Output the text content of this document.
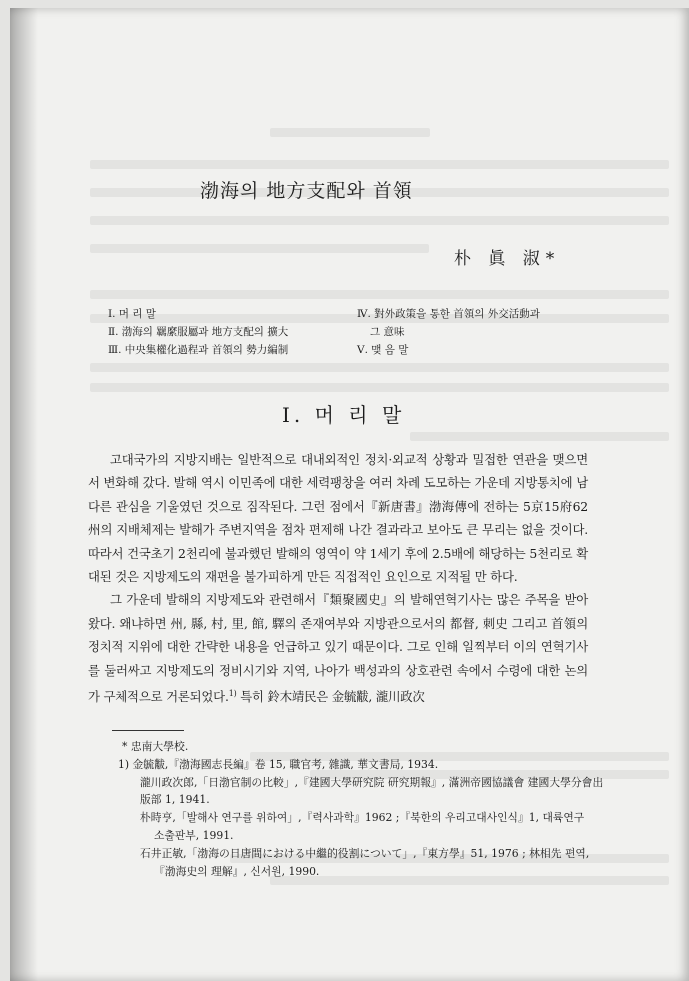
渤海의 地方支配와 首領
朴 眞 淑*
Ⅰ. 머 리 말
Ⅱ. 渤海의 羈縻服屬과 地方支配의 擴大
Ⅲ. 中央集權化過程과 首領의 勢力編制
Ⅳ. 對外政策을 통한 首領의 外交活動과
그 意味
Ⅴ. 맺 음 말
Ⅰ. 머 리 말

고대국가의 지방지배는 일반적으로 대내외적인 정치·외교적 상황과 밀접한 연관을 맺으면서 변화해 갔다. 발해 역시 이민족에 대한 세력팽창을 여러 차례 도모하는 가운데 지방통치에 남다른 관심을 기울였던 것으로 짐작된다. 그런 점에서『新唐書』渤海傳에 전하는 5京15府62州의 지배체제는 발해가 주변지역을 점차 편제해 나간 결과라고 보아도 큰 무리는 없을 것이다. 따라서 건국초기 2천리에 불과했던 발해의 영역이 약 1세기 후에 2.5배에 해당하는 5천리로 확대된 것은 지방제도의 재편을 불가피하게 만든 직접적인 요인으로 지적될 만 하다.

그 가운데 발해의 지방제도와 관련해서『類聚國史』의 발해연혁기사는 많은 주목을 받아왔다. 왜냐하면 州, 縣, 村, 里, 館, 驛의 존재여부와 지방관으로서의 都督, 刺史 그리고 首領의 정치적 지위에 대한 간략한 내용을 언급하고 있기 때문이다. 그로 인해 일찍부터 이의 연혁기사를 둘러싸고 지방제도의 정비시기와 지역, 나아가 백성과의 상호관련 속에서 수령에 대한 논의가 구체적으로 거론되었다.$^{1)}$ 특히 鈴木靖民은 金毓黻, 瀧川政次

* 忠南大學校.
1) 金毓黻,『渤海國志長編』卷 15, 職官考, 雜識, 華文書局, 1934.
瀧川政次郎,「日渤官制の比較」,『建國大學研究院 研究期報』, 滿洲帝國協議會 建國大學分會出
版部 1, 1941.
朴時亨,「발해사 연구를 위하여」,『력사과학』1962 ;『북한의 우리고대사인식』1, 대륙연구
소출판부, 1991.
石井正敏,「渤海の日唐間における中繼的役割について」,『東方學』51, 1976 ; 林相先 편역,
『渤海史의 理解』, 신서원, 1990.
